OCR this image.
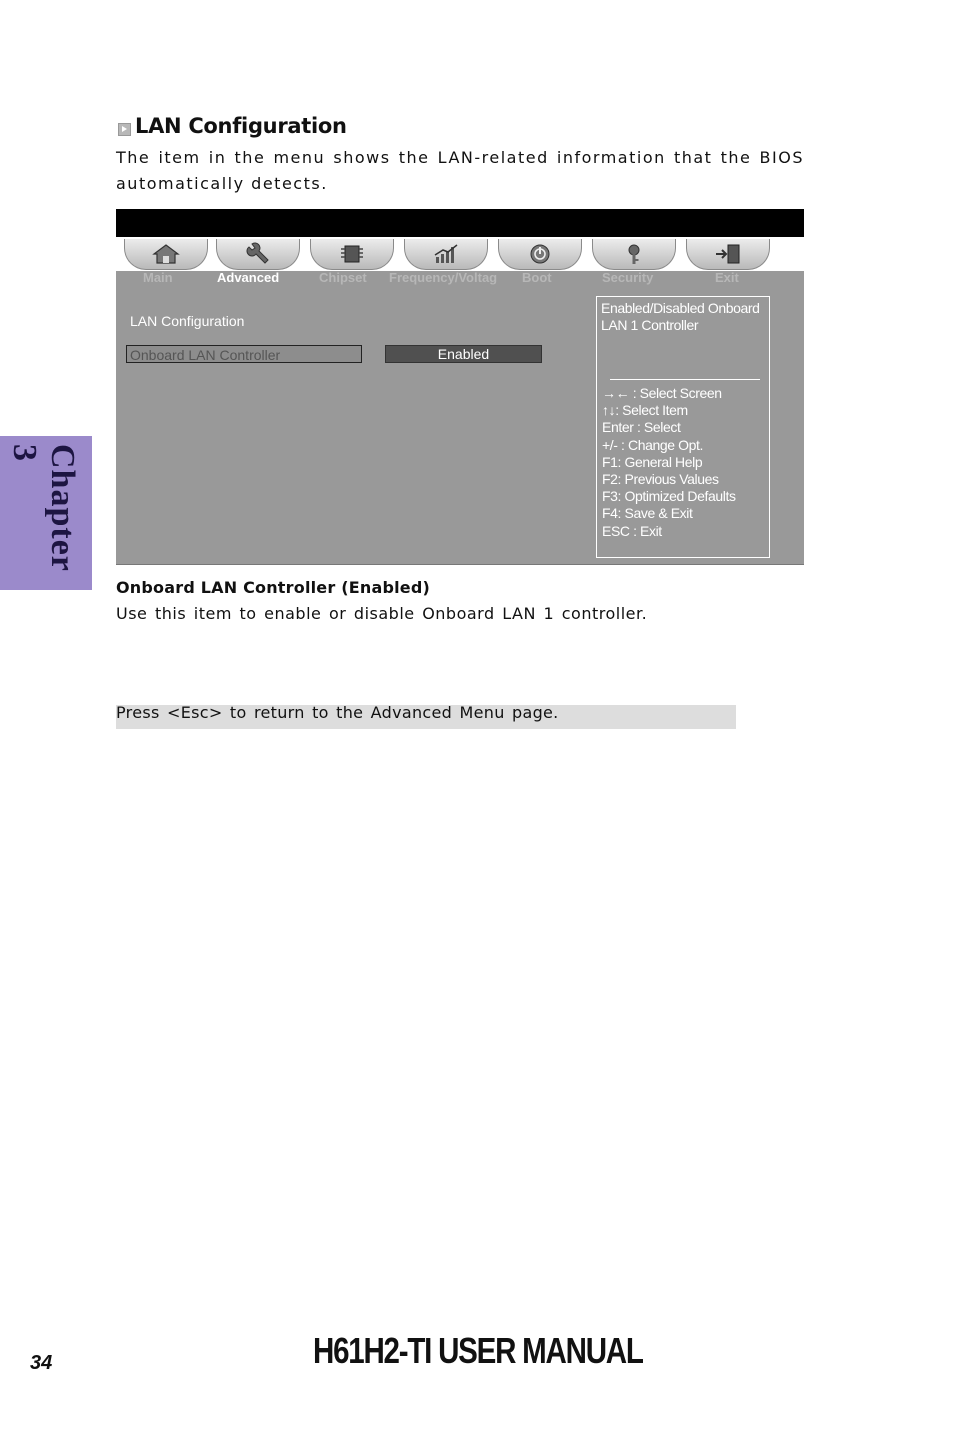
LAN Configuration
The item in the menu shows the LAN-related information that the BIOS automatically detects.
Main	Advanced	Chipset Frequency/Voltag Boot	Security	Exit
LAN Configuration
Onboard LAN Controller	Enabled
Enabled/Disabled Onboard LAN 1 Controller
→← : Select Screen
↑↓: Select Item
Enter : Select
+/- : Change Opt.
F1: General Help
F2: Previous Values
F3: Optimized Defaults
F4: Save & Exit
ESC : Exit
Onboard LAN Controller (Enabled)
Use this item to enable or disable Onboard LAN 1 controller.
Press <Esc> to return to the Advanced Menu page.
Chapter 3
34	H61H2-TI USER MANUAL
